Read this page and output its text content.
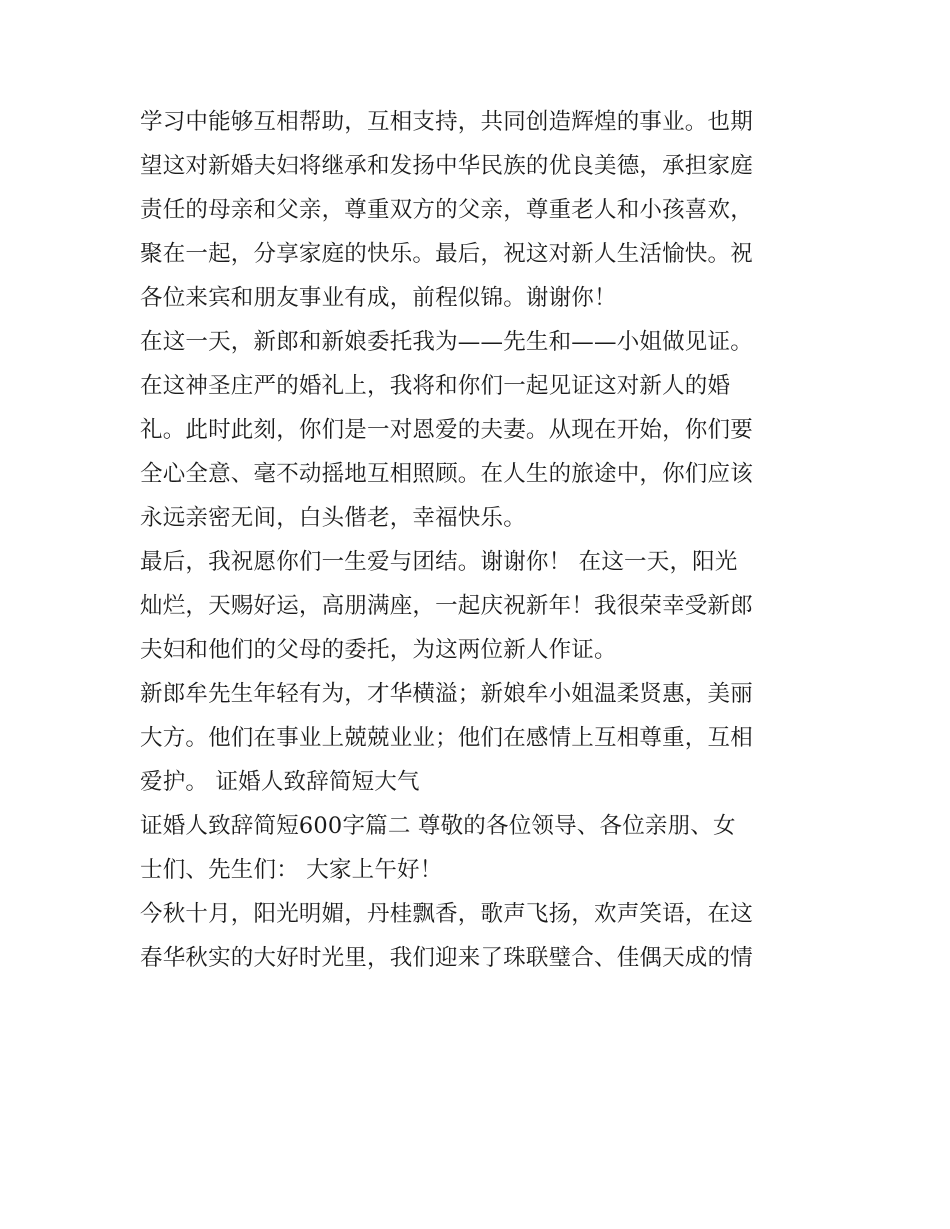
学习中能够互相帮助，互相支持，共同创造辉煌的事业。也期
望这对新婚夫妇将继承和发扬中华民族的优良美德，承担家庭
责任的母亲和父亲，尊重双方的父亲，尊重老人和小孩喜欢，
聚在一起，分享家庭的快乐。最后，祝这对新人生活愉快。祝
各位来宾和朋友事业有成，前程似锦。谢谢你！
在这一天，新郎和新娘委托我为——先生和——小姐做见证。
在这神圣庄严的婚礼上，我将和你们一起见证这对新人的婚
礼。此时此刻，你们是一对恩爱的夫妻。从现在开始，你们要
全心全意、毫不动摇地互相照顾。在人生的旅途中，你们应该
永远亲密无间，白头偕老，幸福快乐。
最后，我祝愿你们一生爱与团结。谢谢你！ 在这一天，阳光
灿烂，天赐好运，高朋满座，一起庆祝新年！我很荣幸受新郎
夫妇和他们的父母的委托，为这两位新人作证。
新郎牟先生年轻有为，才华横溢；新娘牟小姐温柔贤惠，美丽
大方。他们在事业上兢兢业业；他们在感情上互相尊重，互相
爱护。 证婚人致辞简短大气
证婚人致辞简短600字篇二 尊敬的各位领导、各位亲朋、女
士们、先生们： 大家上午好！
今秋十月，阳光明媚，丹桂飘香，歌声飞扬，欢声笑语，在这
春华秋实的大好时光里，我们迎来了珠联璧合、佳偶天成的情
